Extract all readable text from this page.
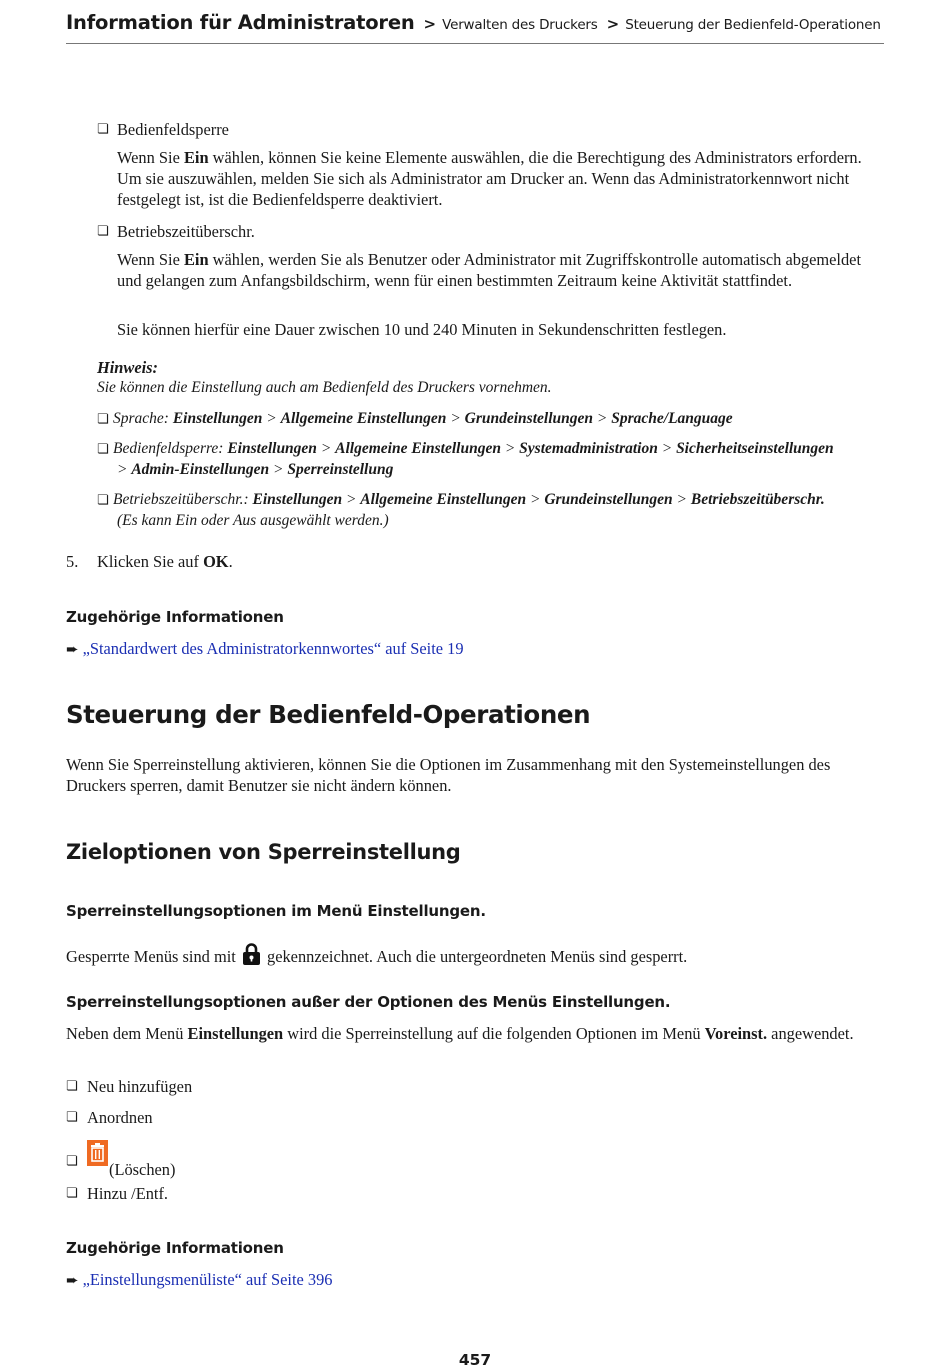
Information für Administratoren > Verwalten des Druckers > Steuerung der Bedienfeld-Operationen
❏ Bedienfeldsperre

Wenn Sie Ein wählen, können Sie keine Elemente auswählen, die die Berechtigung des Administrators erfordern. Um sie auszuwählen, melden Sie sich als Administrator am Drucker an. Wenn das Administratorkennwort nicht festgelegt ist, ist die Bedienfeldsperre deaktiviert.

❏ Betriebszeitüberschr.

Wenn Sie Ein wählen, werden Sie als Benutzer oder Administrator mit Zugriffskontrolle automatisch abgemeldet und gelangen zum Anfangsbildschirm, wenn für einen bestimmten Zeitraum keine Aktivität stattfindet.

Sie können hierfür eine Dauer zwischen 10 und 240 Minuten in Sekundenschritten festlegen.

Hinweis:
Sie können die Einstellung auch am Bedienfeld des Druckers vornehmen.
❏ Sprache: Einstellungen > Allgemeine Einstellungen > Grundeinstellungen > Sprache/Language
❏ Bedienfeldsperre: Einstellungen > Allgemeine Einstellungen > Systemadministration > Sicherheitseinstellungen
> Admin-Einstellungen > Sperreinstellung
❏ Betriebszeitüberschr.: Einstellungen > Allgemeine Einstellungen > Grundeinstellungen > Betriebszeitüberschr.
(Es kann Ein oder Aus ausgewählt werden.)
5. Klicken Sie auf OK.
Zugehörige Informationen
➨ „Standardwert des Administratorkennwortes“ auf Seite 19
Steuerung der Bedienfeld-Operationen

Wenn Sie Sperreinstellung aktivieren, können Sie die Optionen im Zusammenhang mit den Systemeinstellungen des Druckers sperren, damit Benutzer sie nicht ändern können.

Zieloptionen von Sperreinstellung
Sperreinstellungsoptionen im Menü Einstellungen.

Gesperrte Menüs sind mit  gekennzeichnet. Auch die untergeordneten Menüs sind gesperrt.

Sperreinstellungsoptionen außer der Optionen des Menüs Einstellungen.

Neben dem Menü Einstellungen wird die Sperreinstellung auf die folgenden Optionen im Menü Voreinst. angewendet.

❏ Neu hinzufügen
❏ Anordnen
❏	(Löschen)
❏ Hinzu /Entf.
Zugehörige Informationen
➨ „Einstellungsmenüliste“ auf Seite 396
457
